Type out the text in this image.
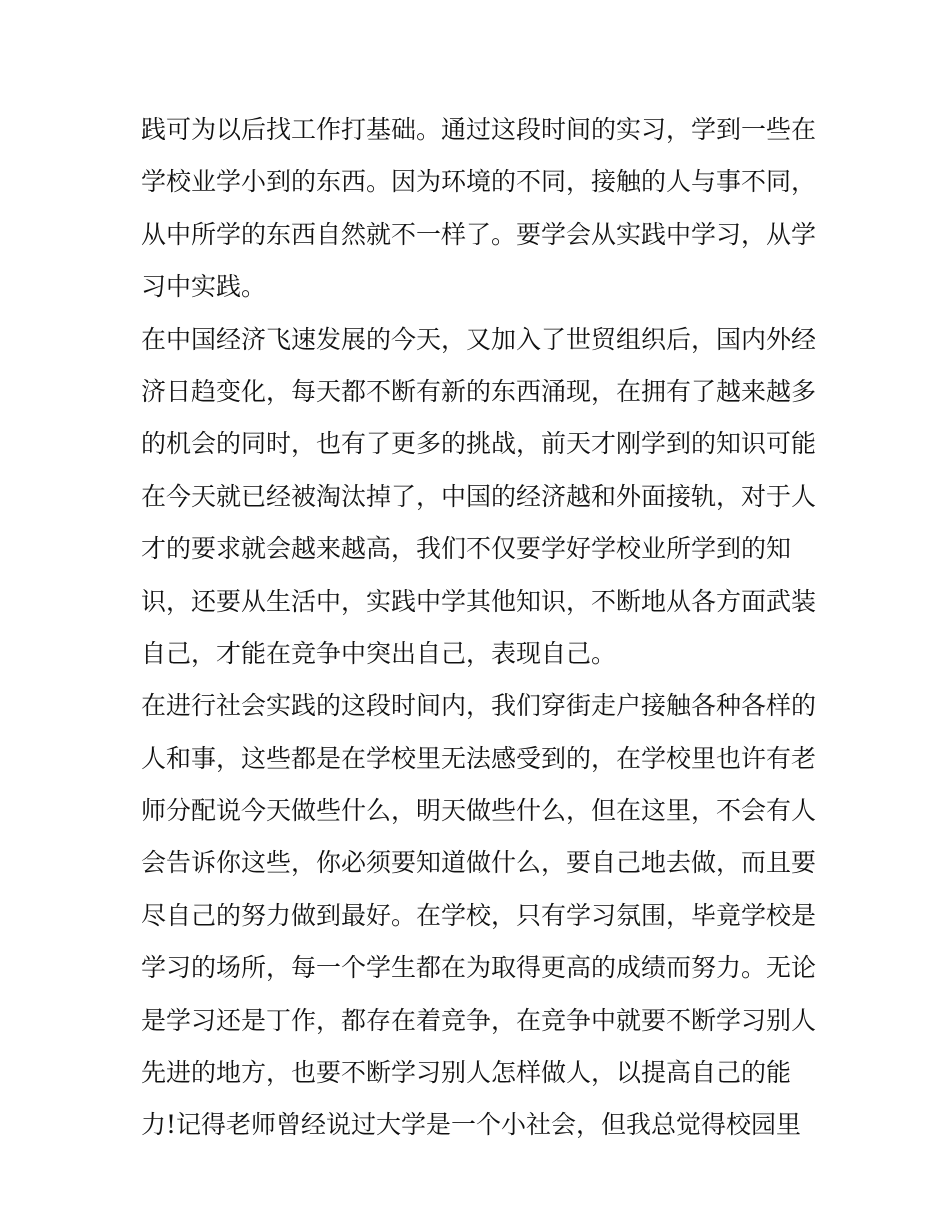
践可为以后找工作打基础。通过这段时间的实习，学到一些在
学校业学小到的东西。因为环境的不同，接触的人与事不同，
从中所学的东西自然就不一样了。要学会从实践中学习，从学
习中实践。
在中国经济飞速发展的今天，又加入了世贸组织后，国内外经
济日趋变化，每天都不断有新的东西涌现，在拥有了越来越多
的机会的同时，也有了更多的挑战，前天才刚学到的知识可能
在今天就已经被淘汰掉了，中国的经济越和外面接轨，对于人
才的要求就会越来越高，我们不仅要学好学校业所学到的知
识，还要从生活中，实践中学其他知识，不断地从各方面武装
自己，才能在竞争中突出自己，表现自己。
在进行社会实践的这段时间内，我们穿街走户接触各种各样的
人和事，这些都是在学校里无法感受到的，在学校里也许有老
师分配说今天做些什么，明天做些什么，但在这里，不会有人
会告诉你这些，你必须要知道做什么，要自己地去做，而且要
尽自己的努力做到最好。在学校，只有学习氛围，毕竟学校是
学习的场所，每一个学生都在为取得更高的成绩而努力。无论
是学习还是丁作，都存在着竞争，在竞争中就要不断学习别人
先进的地方，也要不断学习别人怎样做人，以提高自己的能
力!记得老师曾经说过大学是一个小社会，但我总觉得校园里
